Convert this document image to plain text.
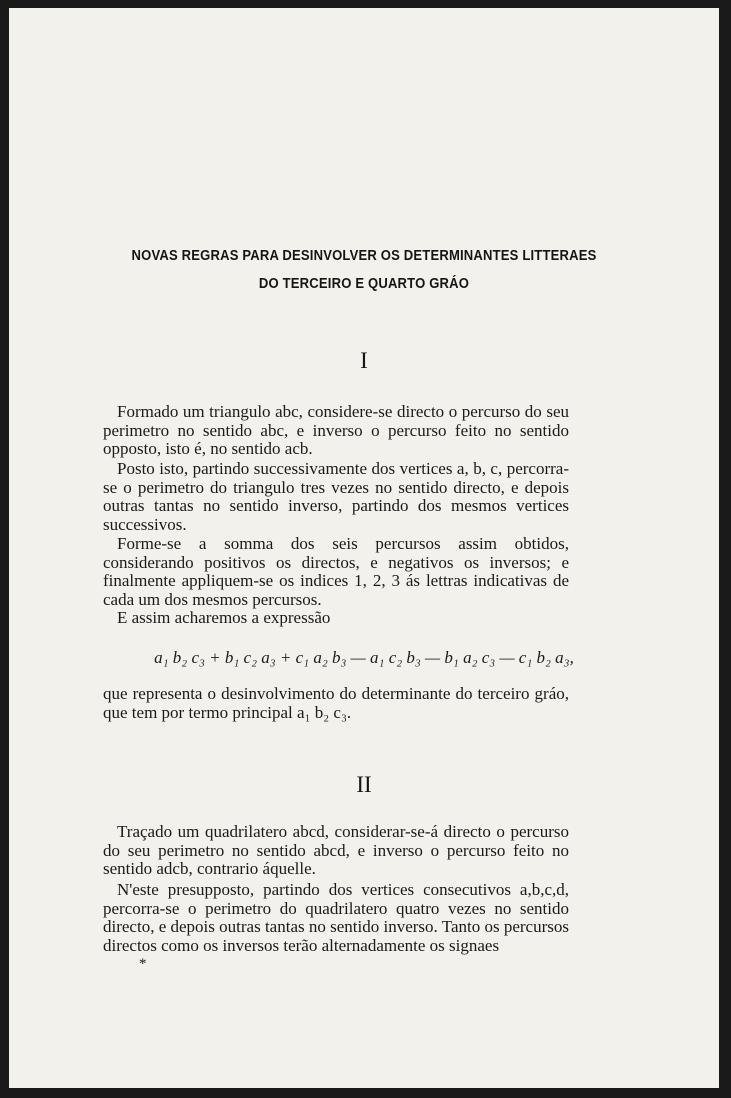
NOVAS REGRAS PARA DESINVOLVER OS DETERMINANTES LITTERAES
DO TERCEIRO E QUARTO GRÁO
I
Formado um triangulo abc, considere-se directo o percurso do seu perimetro no sentido abc, e inverso o percurso feito no sentido opposto, isto é, no sentido acb.
Posto isto, partindo successivamente dos vertices a, b, c, percorra-se o perimetro do triangulo tres vezes no sentido directo, e depois outras tantas no sentido inverso, partindo dos mesmos vertices successivos.
Forme-se a somma dos seis percursos assim obtidos, considerando positivos os directos, e negativos os inversos; e finalmente appliquem-se os indices 1, 2, 3 ás lettras indicativas de cada um dos mesmos percursos.
E assim acharemos a expressão
a₁ b₂ c₃ + b₁ c₂ a₃ + c₁ a₂ b₃ — a₁ c₂ b₃ — b₁ a₂ c₃ — c₁ b₂ a₃,
que representa o desinvolvimento do determinante do terceiro gráo, que tem por termo principal a₁ b₂ c₃.
II
Traçado um quadrilatero abcd, considerar-se-á directo o percurso do seu perimetro no sentido abcd, e inverso o percurso feito no sentido adcb, contrario áquelle.
N'este presupposto, partindo dos vertices consecutivos a,b,c,d, percorra-se o perimetro do quadrilatero quatro vezes no sentido directo, e depois outras tantas no sentido inverso. Tanto os percursos directos como os inversos terão alternadamente os signaes
*
